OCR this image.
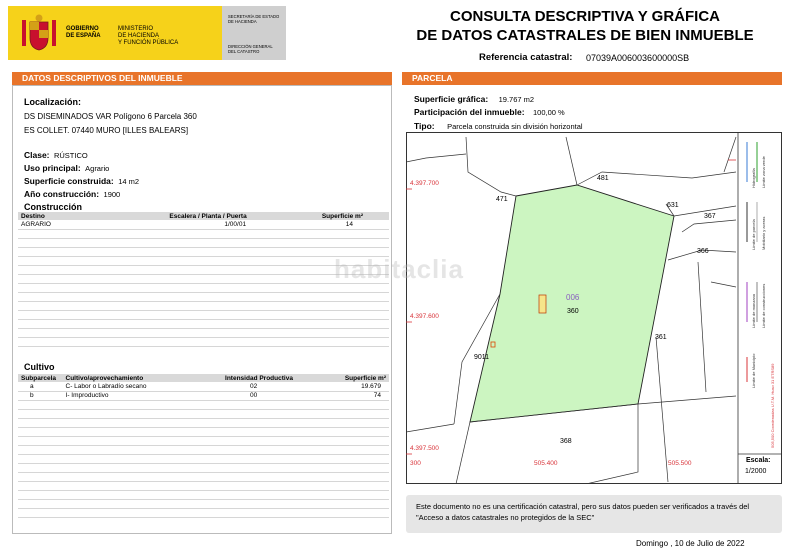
GOBIERNO
DE ESPAÑA
MINISTERIO
DE HACIENDA
Y FUNCIÓN PÚBLICA
SECRETARÍA DE ESTADO
DE HACIENDA
DIRECCIÓN GENERAL
DEL CATASTRO
CONSULTA DESCRIPTIVA Y GRÁFICA
DE DATOS CATASTRALES DE BIEN INMUEBLE
Referencia catastral: 07039A006003600000SB
DATOS DESCRIPTIVOS DEL INMUEBLE
Localización:
DS DISEMINADOS VAR Polígono 6 Parcela 360
ES COLLET. 07440 MURO [ILLES BALEARS]
Clase: RÚSTICO
Uso principal: Agrario
Superficie construida: 14 m2
Año construcción: 1900
Construcción
Destino	Escalera / Planta / Puerta	Superficie m²
AGRARIO	1/00/01	14

Cultivo
Subparcela	Cultivo/aprovechamiento	Intensidad Productiva	Superficie m²
a	C- Labor o Labradío secano	02	19.679
b	I- Improductivo	00	74

PARCELA
Superficie gráfica: 19.767 m2
Participación del inmueble: 100,00 %
Tipo: Parcela construida sin división horizontal
481
471
631
367
366
006
360
361
9011
368
4.397.700
4.397.600
4.397.500
505.400	505.500
300	Escala:
1/2000
Hidrografía Límite zona verde
Límite de parcela Mobiliario y aceras
Límite de manzana Límite de construcciones
Límite de Municipio	505,500 Coordenadas U.T.M. Huso 31 ETRS89
habitaclia
Este documento no es una certificación catastral, pero sus datos pueden ser verificados a través del "Acceso a datos catastrales no protegidos de la SEC"
Domingo , 10 de Julio de 2022
